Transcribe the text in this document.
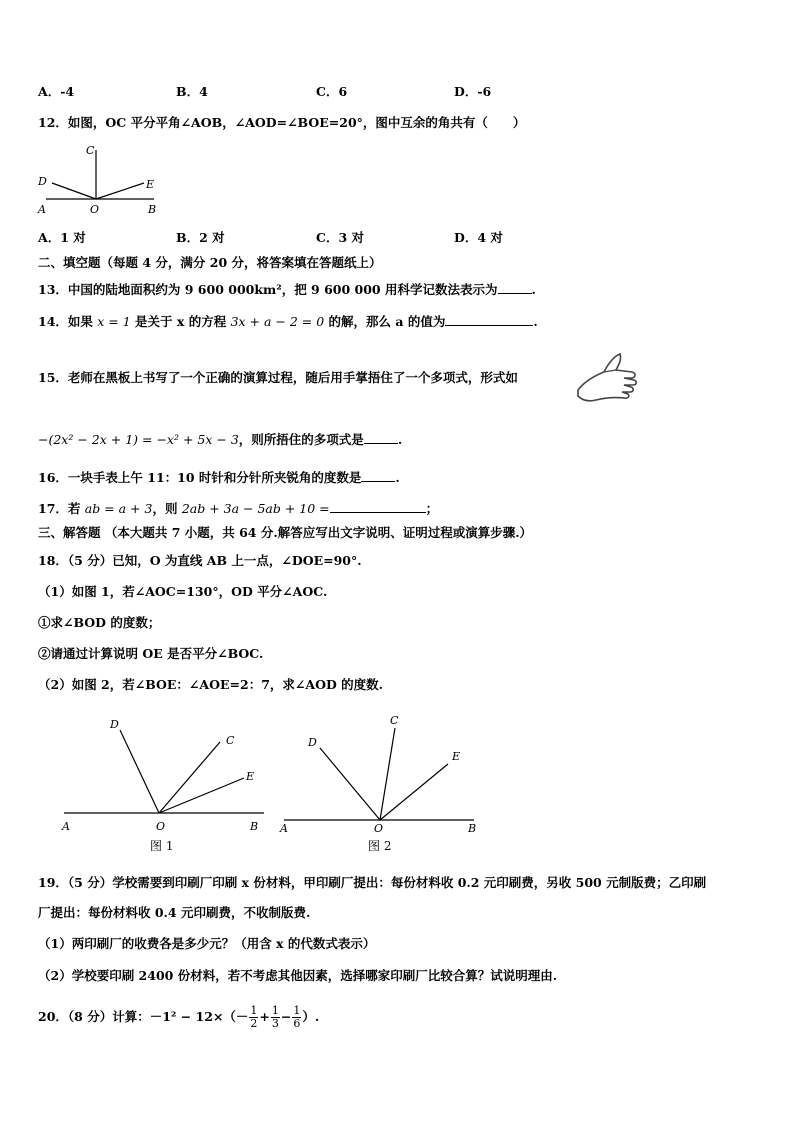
A．-4	B．4	C．6	D．-6
12．如图，OC 平分平角∠AOB，∠AOD=∠BOE=20°，图中互余的角共有（　　）
C
D	E
A	O	B
A．1 对	B．2 对	C．3 对	D．4 对
二、填空题（每题 4 分，满分 20 分，将答案填在答题纸上）
13．中国的陆地面积约为 9 600 000km²，把 9 600 000 用科学记数法表示为	.
14．如果 x = 1 是关于 x 的方程 3x + a − 2 = 0 的解，那么 a 的值为	.
15．老师在黑板上书写了一个正确的演算过程，随后用手掌捂住了一个多项式，形式如
−(2x² − 2x + 1) = −x² + 5x − 3，则所捂住的多项式是	.
16．一块手表上午 11：10 时针和分针所夹锐角的度数是	.
17．若 ab = a + 3，则 2ab + 3a − 5ab + 10 =	；
三、解答题 （本大题共 7 小题，共 64 分.解答应写出文字说明、证明过程或演算步骤.）
18．（5 分）已知，O 为直线 AB 上一点，∠DOE=90°.
（1）如图 1，若∠AOC=130°，OD 平分∠AOC.
①求∠BOD 的度数；
②请通过计算说明 OE 是否平分∠BOC.
（2）如图 2，若∠BOE：∠AOE=2：7，求∠AOD 的度数.
D
C
E
A	O	B
图 1
D
C
E
A	O	B
图 2
19．（5 分）学校需要到印刷厂印刷 x 份材料，甲印刷厂提出：每份材料收 0.2 元印刷费，另收 500 元制版费；乙印刷
厂提出：每份材料收 0.4 元印刷费，不收制版费.
（1）两印刷厂的收费各是多少元？（用含 x 的代数式表示）
（2）学校要印刷 2400 份材料，若不考虑其他因素，选择哪家印刷厂比较合算？试说明理由.
20．（8 分）计算：$-1^2 - 12\times(- \frac{1}{2} + \frac{1}{3} - \frac{1}{6}$ ）.
